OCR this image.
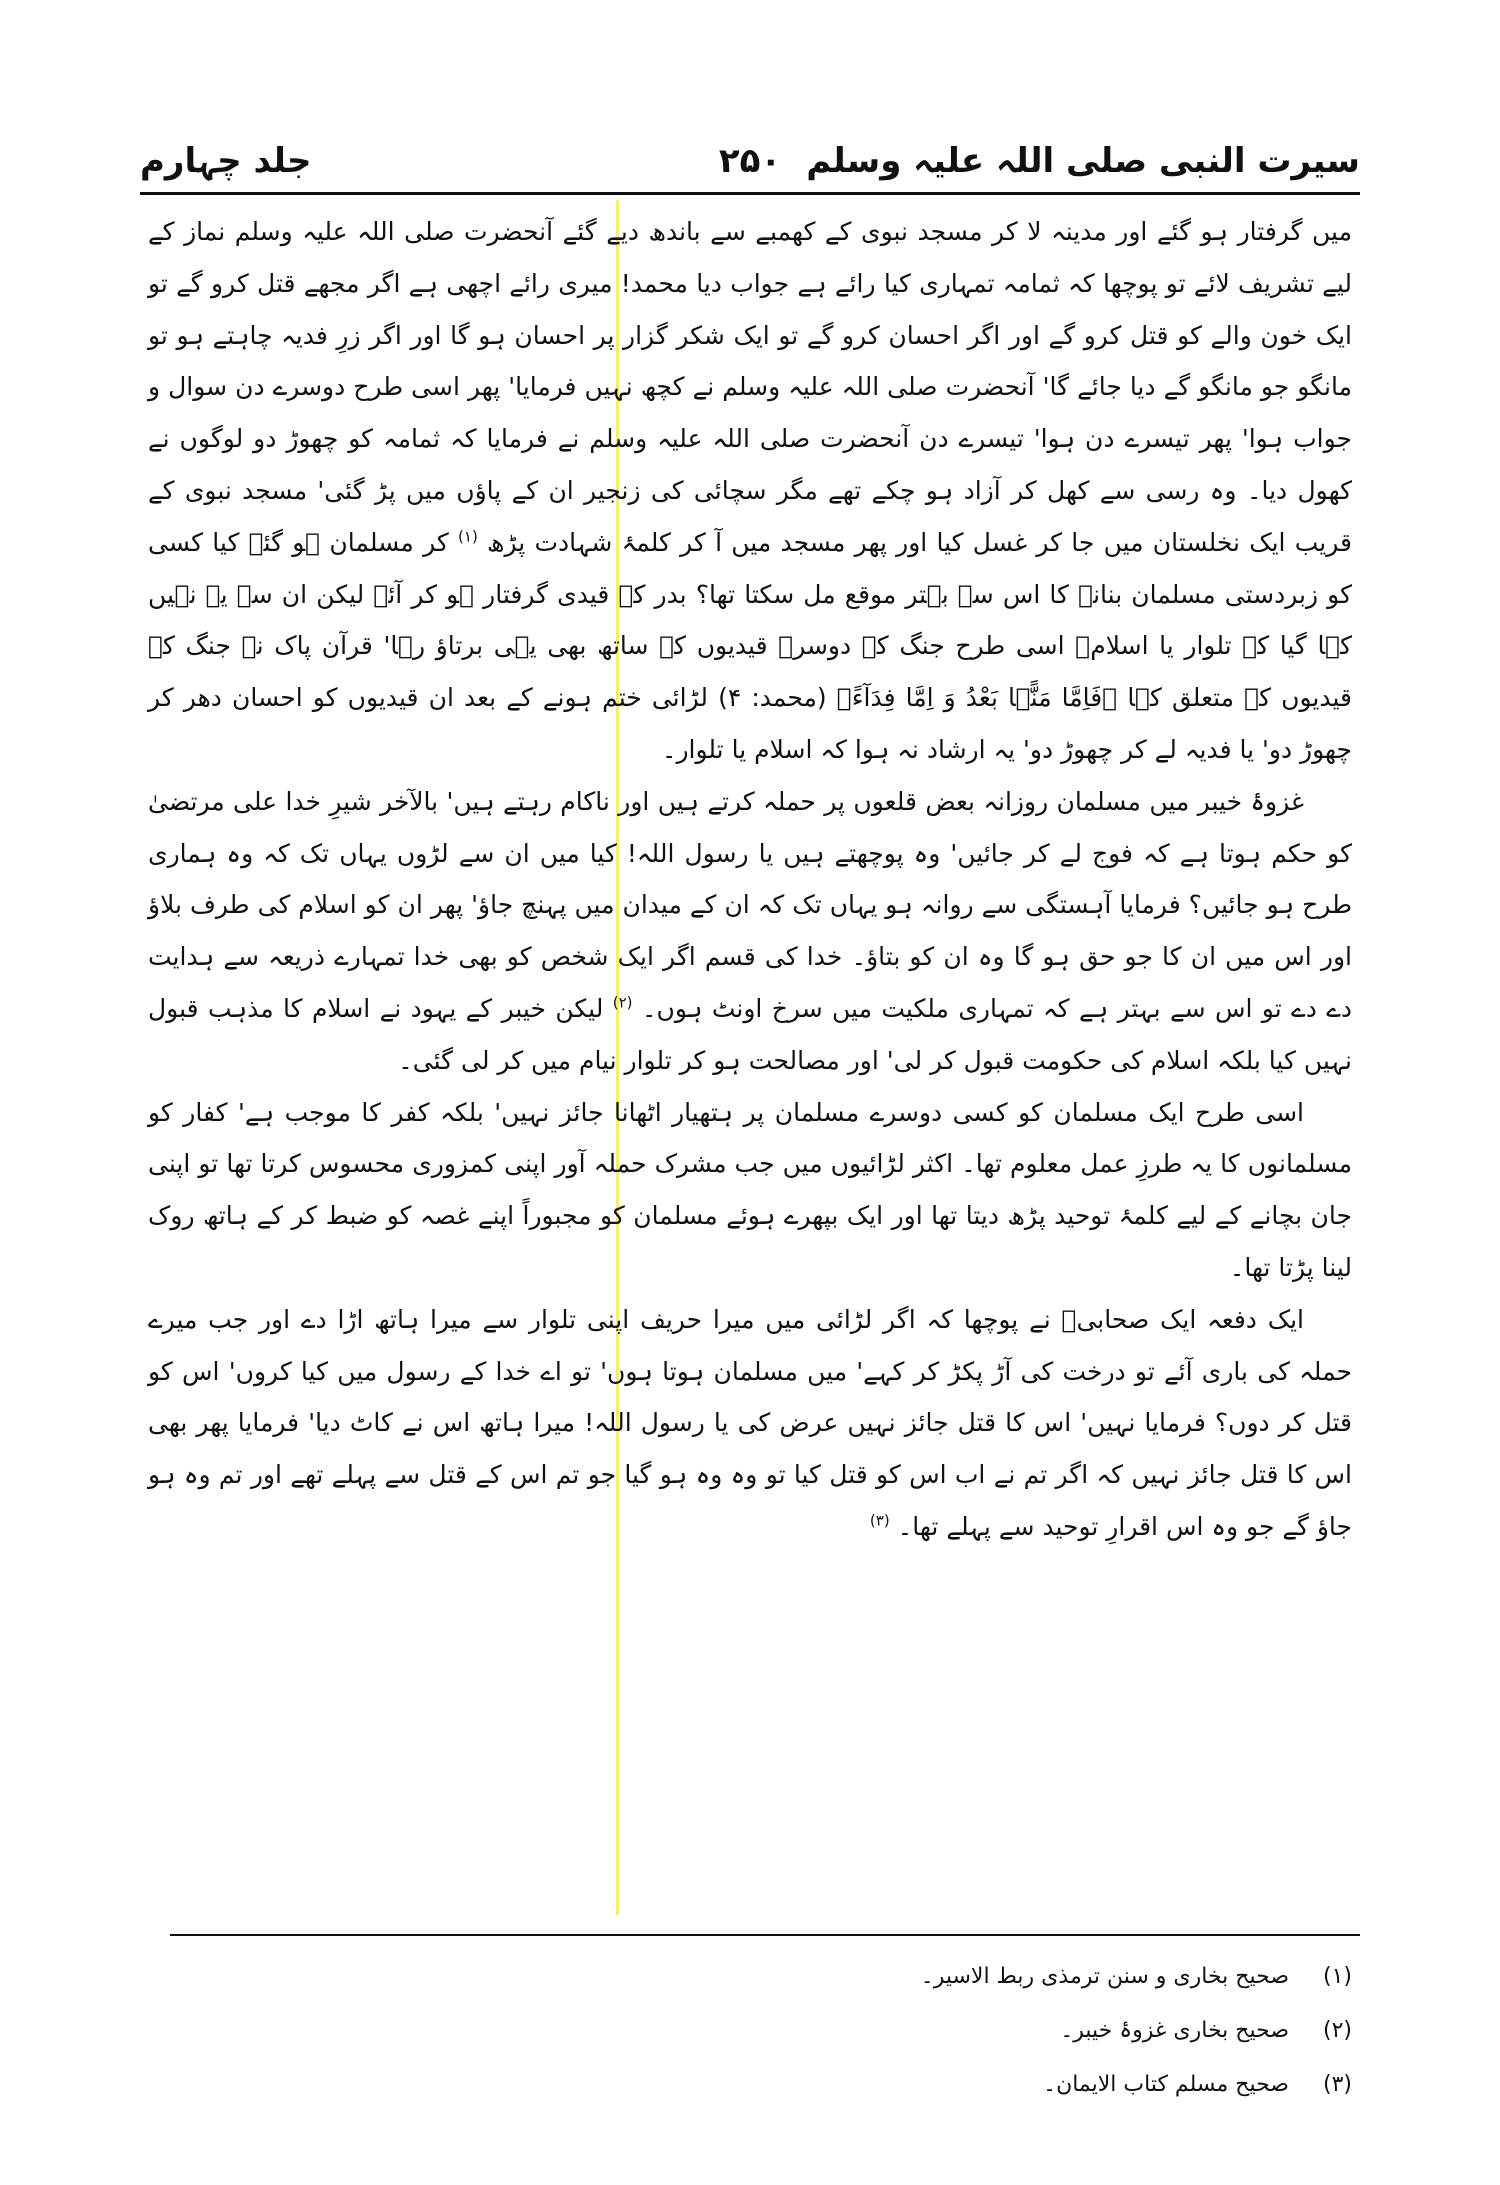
سیرت النبی صلی اللہ علیہ وسلم
۲۵۰
جلد چہارم

میں گرفتار ہو گئے اور مدینہ لا کر مسجد نبوی کے کھمبے سے باندھ دیے گئے آنحضرت صلی اللہ علیہ وسلم نماز کے لیے تشریف لائے تو پوچھا کہ ثمامہ تمہاری کیا رائے ہے جواب دیا محمد! میری رائے اچھی ہے اگر مجھے قتل کرو گے تو ایک خون والے کو قتل کرو گے اور اگر احسان کرو گے تو ایک شکر گزار پر احسان ہو گا اور اگر زرِ فدیہ چاہتے ہو تو مانگو جو مانگو گے دیا جائے گا' آنحضرت صلی اللہ علیہ وسلم نے کچھ نہیں فرمایا' پھر اسی طرح دوسرے دن سوال و جواب ہوا' پھر تیسرے دن ہوا' تیسرے دن آنحضرت صلی اللہ علیہ وسلم نے فرمایا کہ ثمامہ کو چھوڑ دو لوگوں نے کھول دیا۔ وہ رسی سے کھل کر آزاد ہو چکے تھے مگر سچائی کی زنجیر ان کے پاؤں میں پڑ گئی' مسجد نبوی کے قریب ایک نخلستان میں جا کر غسل کیا اور پھر مسجد میں آ کر کلمۂ شہادت پڑھ $^{(۱)}$ کر مسلمان ہو گئے کیا کسی کو زبردستی مسلمان بنانے کا اس سے بہتر موقع مل سکتا تھا؟ بدر کے قیدی گرفتار ہو کر آئے لیکن ان سے یہ نہیں کہا گیا کہ تلوار یا اسلام۔ اسی طرح جنگ کے دوسرے قیدیوں کے ساتھ بھی یہی برتاؤ رہا' قرآن پاک نے جنگ کے قیدیوں کے متعلق کہا ﴿فَاِمَّا مَنًّۢا بَعْدُ وَ اِمَّا فِدَآءً﴾ (محمد: ۴) لڑائی ختم ہونے کے بعد ان قیدیوں کو احسان دھر کر چھوڑ دو' یا فدیہ لے کر چھوڑ دو' یہ ارشاد نہ ہوا کہ اسلام یا تلوار۔

غزوۂ خیبر میں مسلمان روزانہ بعض قلعوں پر حملہ کرتے ہیں اور ناکام رہتے ہیں' بالآخر شیرِ خدا علی مرتضیٰ کو حکم ہوتا ہے کہ فوج لے کر جائیں' وہ پوچھتے ہیں یا رسول اللہ! کیا میں ان سے لڑوں یہاں تک کہ وہ ہماری طرح ہو جائیں؟ فرمایا آہستگی سے روانہ ہو یہاں تک کہ ان کے میدان میں پہنچ جاؤ' پھر ان کو اسلام کی طرف بلاؤ اور اس میں ان کا جو حق ہو گا وہ ان کو بتاؤ۔ خدا کی قسم اگر ایک شخص کو بھی خدا تمہارے ذریعہ سے ہدایت دے دے تو اس سے بہتر ہے کہ تمہاری ملکیت میں سرخ اونٹ ہوں۔ $^{(۲)}$ لیکن خیبر کے یہود نے اسلام کا مذہب قبول نہیں کیا بلکہ اسلام کی حکومت قبول کر لی' اور مصالحت ہو کر تلوار نیام میں کر لی گئی۔

اسی طرح ایک مسلمان کو کسی دوسرے مسلمان پر ہتھیار اٹھانا جائز نہیں' بلکہ کفر کا موجب ہے' کفار کو مسلمانوں کا یہ طرزِ عمل معلوم تھا۔ اکثر لڑائیوں میں جب مشرک حملہ آور اپنی کمزوری محسوس کرتا تھا تو اپنی جان بچانے کے لیے کلمۂ توحید پڑھ دیتا تھا اور ایک بپھرے ہوئے مسلمان کو مجبوراً اپنے غصہ کو ضبط کر کے ہاتھ روک لینا پڑتا تھا۔

ایک دفعہ ایک صحابیؓ نے پوچھا کہ اگر لڑائی میں میرا حریف اپنی تلوار سے میرا ہاتھ اڑا دے اور جب میرے حملہ کی باری آئے تو درخت کی آڑ پکڑ کر کہے' میں مسلمان ہوتا ہوں' تو اے خدا کے رسول میں کیا کروں' اس کو قتل کر دوں؟ فرمایا نہیں' اس کا قتل جائز نہیں عرض کی یا رسول اللہ! میرا ہاتھ اس نے کاٹ دیا' فرمایا پھر بھی اس کا قتل جائز نہیں کہ اگر تم نے اب اس کو قتل کیا تو وہ وہ ہو گیا جو تم اس کے قتل سے پہلے تھے اور تم وہ ہو جاؤ گے جو وہ اس اقرارِ توحید سے پہلے تھا۔ $^{(۳)}$

(۱) صحیح بخاری و سنن ترمذی ربط الاسیر۔
(۲) صحیح بخاری غزوۂ خیبر۔
(۳) صحیح مسلم کتاب الایمان۔
